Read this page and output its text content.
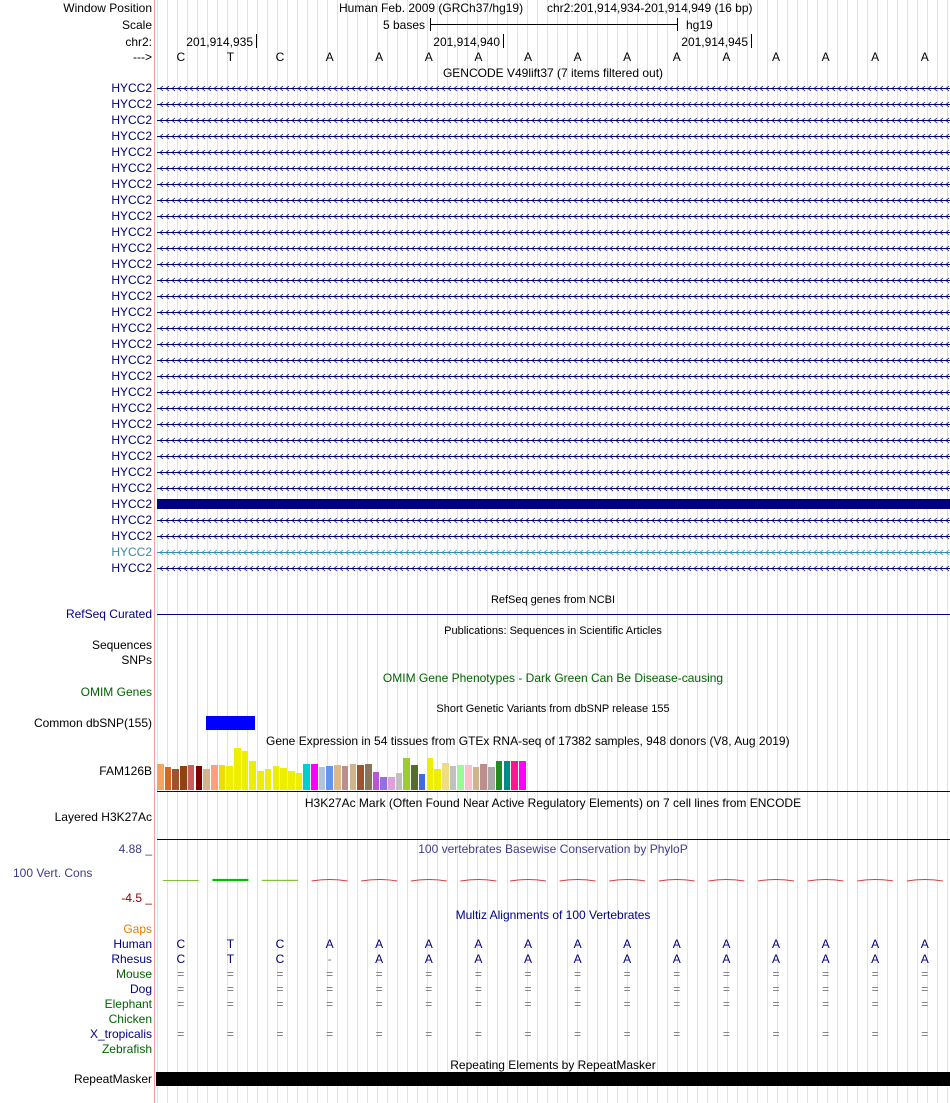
Window Position	Human Feb. 2009 (GRCh37/hg19) chr2:201,914,934-201,914,949 (16 bp)
Scale	5 bases	hg19
chr2:	201,914,935	201,914,940	201,914,945
---> C	T	C	A	A	A	A	A	A	A	A	A	A	A	A	A
GENCODE V49lift37 (7 items filtered out)
HYCC2
HYCC2
HYCC2
HYCC2
HYCC2
HYCC2
HYCC2
HYCC2
HYCC2
HYCC2
HYCC2
HYCC2
HYCC2
HYCC2
HYCC2
HYCC2
HYCC2
HYCC2
HYCC2
HYCC2
HYCC2
HYCC2
HYCC2
HYCC2
HYCC2
HYCC2
HYCC2
HYCC2
HYCC2
HYCC2
HYCC2
RefSeq genes from NCBI
RefSeq Curated
Publications: Sequences in Scientific Articles
Sequences
SNPs
OMIM Gene Phenotypes - Dark Green Can Be Disease-causing
OMIM Genes
Short Genetic Variants from dbSNP release 155
Common dbSNP(155)
Gene Expression in 54 tissues from GTEx RNA-seq of 17382 samples, 948 donors (V8, Aug 2019)
FAM126B
H3K27Ac Mark (Often Found Near Active Regulatory Elements) on 7 cell lines from ENCODE
Layered H3K27Ac
100 vertebrates Basewise Conservation by PhyloP
4.88 _
100 Vert. Cons
-4.5 _
Multiz Alignments of 100 Vertebrates
Gaps
Human C	T	C	A	A	A	A	A	A	A	A	A	A	A	A	A
Rhesus C	T	C	-	A	A	A	A	A	A	A	A	A	A	A	A
Mouse =	=	=	=	=	=	=	=	=	=	=	=	=	=	=	=
Dog =	=	=	=	=	=	=	=	=	=	=	=	=	=	=	=
Elephant =	=	=	=	=	=	=	=	=	=	=	=	=	=	=	=
Chicken
X_tropicalis =	=	=	=	=	=	=	=	=	=	=	=	=	=	=	=
Zebrafish
Repeating Elements by RepeatMasker
RepeatMasker
